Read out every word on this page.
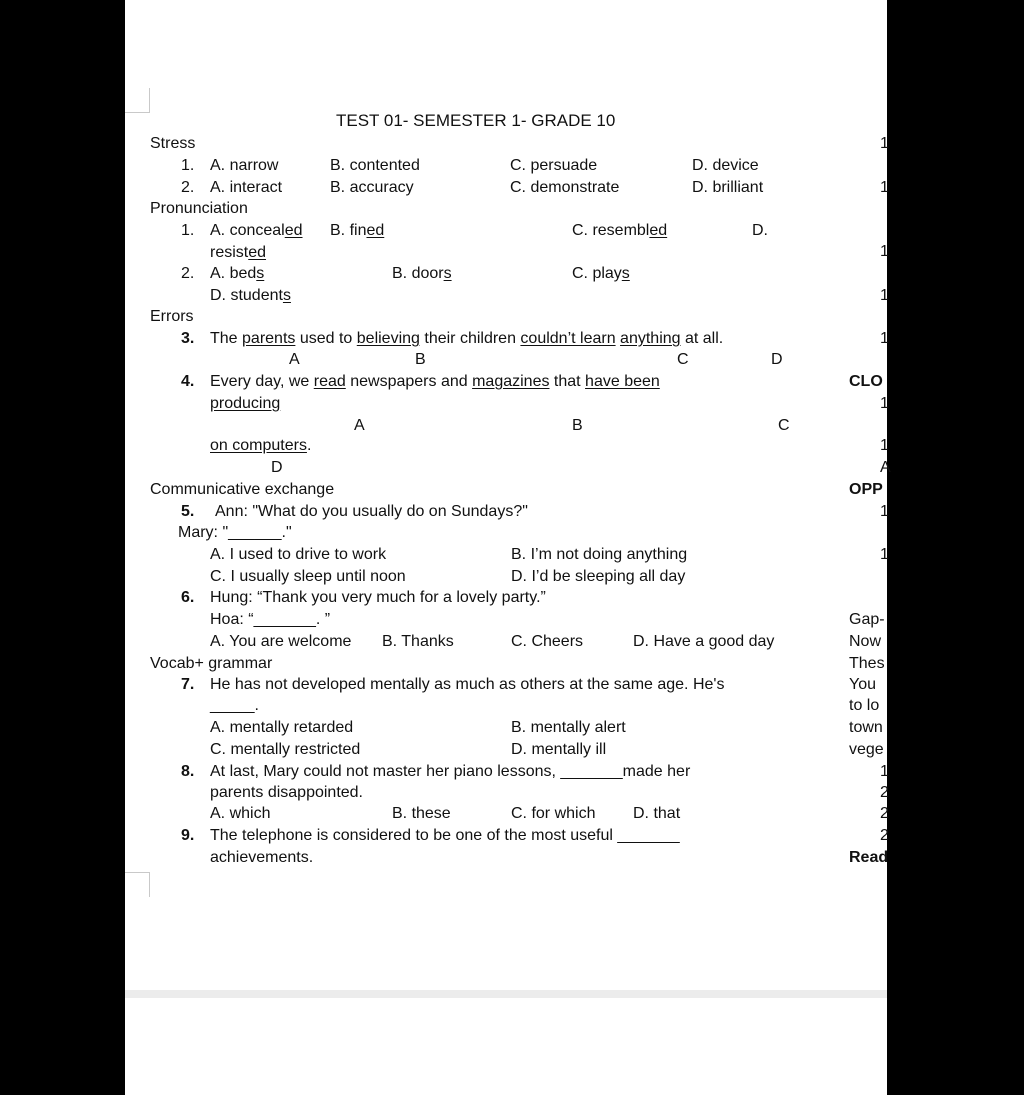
TEST 01- SEMESTER 1- GRADE 10
Stress
1. A. narrow	B. contented	C. persuade	D. device
2. A. interact	B. accuracy	C. demonstrate	D. brilliant
Pronunciation
1. A. concealed B. fined	C. resembled	D.
resisted
2. A. beds	B. doors	C. plays
D. students
Errors
3. The parents used to believing their children couldn’t learn anything at all.
A	B	C	D
4. Every day, we read newspapers and magazines that have been
producing
A	B	C
on computers.
D
Communicative exchange
5. Ann: "What do you usually do on Sundays?"
Mary: "______."
A. I used to drive to work	B. I’m not doing anything
C. I usually sleep until noon	D. I’d be sleeping all day
6. Hung: “Thank you very much for a lovely party.”
Hoa: “_______. ”
A. You are welcome B. Thanks	C. Cheers	D. Have a good day
Vocab+ grammar
7. He has not developed mentally as much as others at the same age. He's
_____.
A. mentally retarded	B. mentally alert
C. mentally restricted	D. mentally ill
8. At last, Mary could not master her piano lessons, _______made her
parents disappointed.
A. which	B. these	C. for which D. that
9. The telephone is considered to be one of the most useful _______
achievements.
1
1
1
1
1
CLO
1
1
A
OPP
1
1
Gap-
Now
Thes
You
to lo
town
vege
1
2
2
2
Read
